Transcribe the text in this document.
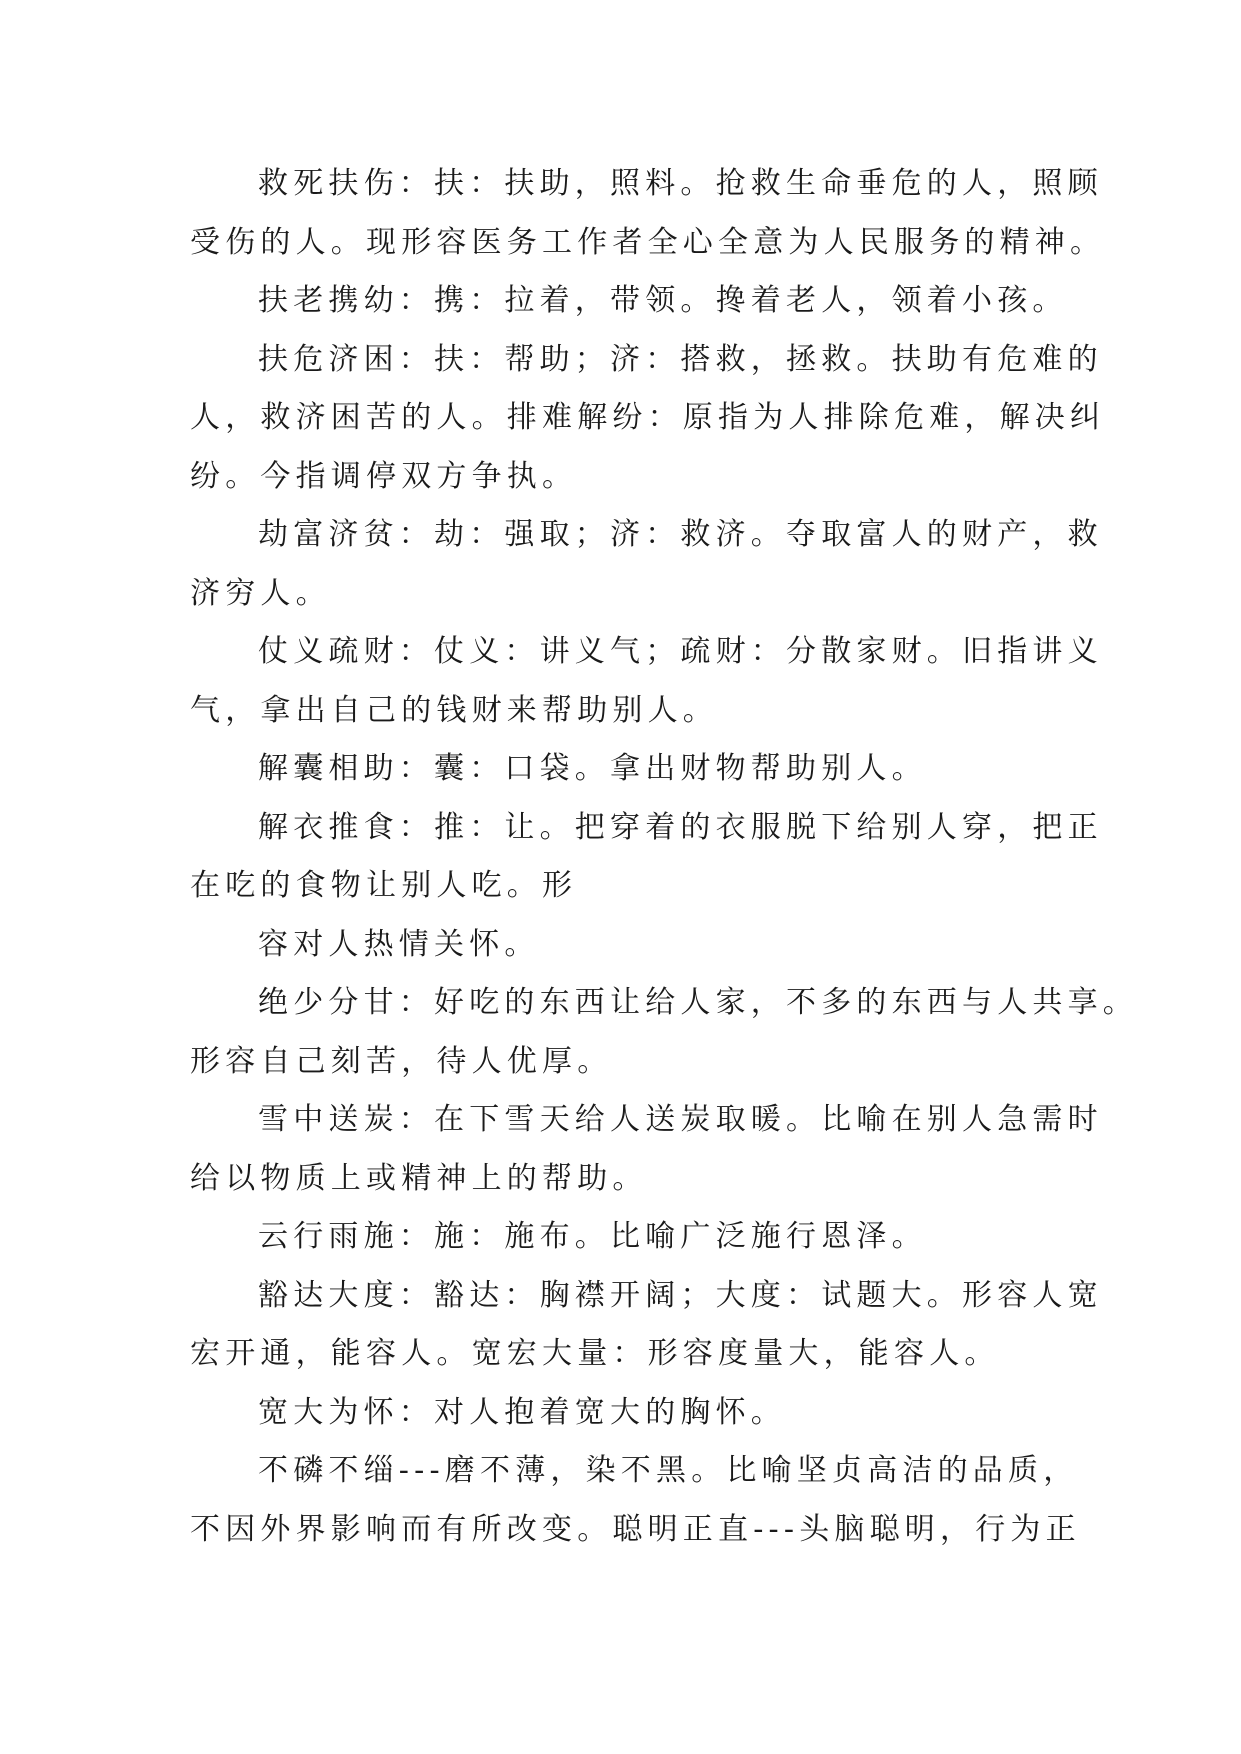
救死扶伤：扶：扶助，照料。抢救生命垂危的人，照顾
受伤的人。现形容医务工作者全心全意为人民服务的精神。
扶老携幼：携：拉着，带领。搀着老人，领着小孩。
扶危济困：扶：帮助；济：搭救，拯救。扶助有危难的
人，救济困苦的人。排难解纷：原指为人排除危难，解决纠
纷。今指调停双方争执。
劫富济贫：劫：强取；济：救济。夺取富人的财产，救
济穷人。
仗义疏财：仗义：讲义气；疏财：分散家财。旧指讲义
气，拿出自己的钱财来帮助别人。
解囊相助：囊：口袋。拿出财物帮助别人。
解衣推食：推：让。把穿着的衣服脱下给别人穿，把正
在吃的食物让别人吃。形
容对人热情关怀。
绝少分甘：好吃的东西让给人家，不多的东西与人共享。
形容自己刻苦，待人优厚。
雪中送炭：在下雪天给人送炭取暖。比喻在别人急需时
给以物质上或精神上的帮助。
云行雨施：施：施布。比喻广泛施行恩泽。
豁达大度：豁达：胸襟开阔；大度：试题大。形容人宽
宏开通，能容人。宽宏大量：形容度量大，能容人。
宽大为怀：对人抱着宽大的胸怀。
不磷不缁---磨不薄，染不黑。比喻坚贞高洁的品质，
不因外界影响而有所改变。聪明正直---头脑聪明，行为正
